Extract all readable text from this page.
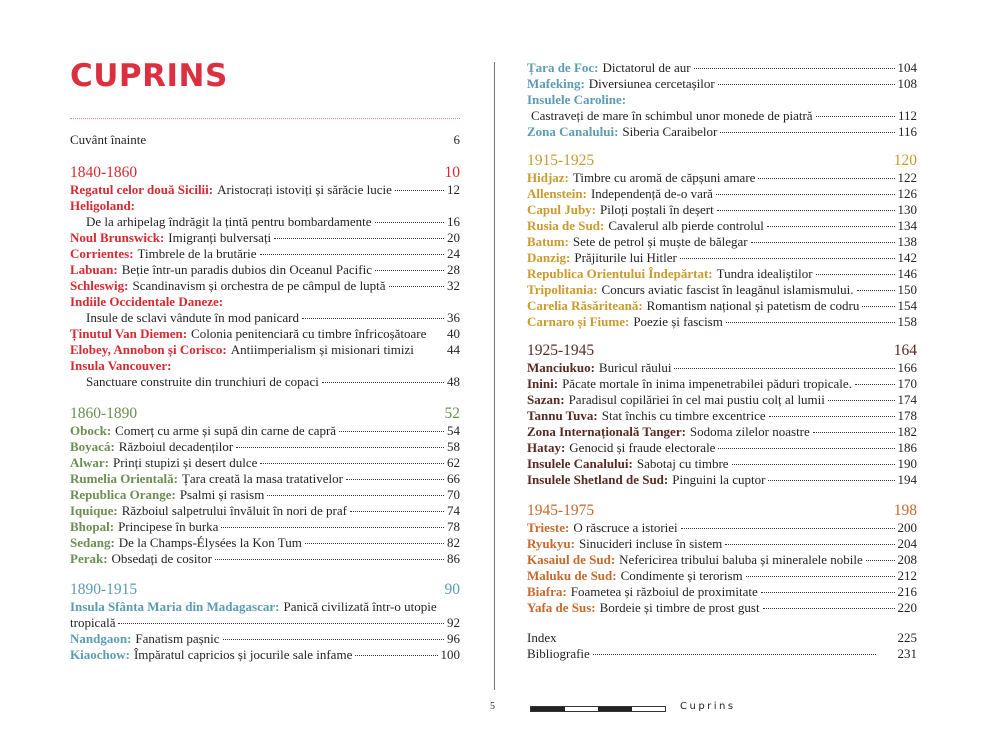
CUPRINS
Cuvânt înainte	6
1840-1860	10
Regatul celor două Sicilii: Aristocrați istoviți și sărăcie lucie	12
Heligoland:
De la arhipelag îndrăgit la țintă pentru bombardamente	16
Noul Brunswick: Imigranți bulversați	20
Corrientes: Timbrele de la brutărie	24
Labuan: Beție într-un paradis dubios din Oceanul Pacific	28
Schleswig: Scandinavism și orchestra de pe câmpul de luptă	32
Indiile Occidentale Daneze:
Insule de sclavi vândute în mod panicard	36
Ținutul Van Diemen: Colonia penitenciară cu timbre înfricoșătoare 40
Elobey, Annobon și Corisco: Antiimperialism și misionari timizi	44
Insula Vancouver:
Sanctuare construite din trunchiuri de copaci	48
1860-1890	52
Obock: Comerț cu arme și supă din carne de capră	54
Boyacá: Războiul decadenților	58
Alwar: Prinți stupizi și desert dulce	62
Rumelia Orientală: Țara creată la masa tratativelor	66
Republica Orange: Psalmi și rasism	70
Iquique: Războiul salpetrului învăluit în nori de praf	74
Bhopal: Principese în burka	78
Sedang: De la Champs-Élysées la Kon Tum	82
Perak: Obsedați de cositor	86
1890-1915	90
Insula Sfânta Maria din Madagascar: Panică civilizată într-o utopie
tropicală	92
Nandgaon: Fanatism pașnic	96
Kiaochow: Împăratul capricios și jocurile sale infame	100
Țara de Foc: Dictatorul de aur	104
Mafeking: Diversiunea cercetașilor	108
Insulele Caroline:
Castraveți de mare în schimbul unor monede de piatră	112
Zona Canalului: Siberia Caraibelor	116
1915-1925	120
Hidjaz: Timbre cu aromă de căpșuni amare	122
Allenstein: Independență de-o vară	126
Capul Juby: Piloți poștali în deșert	130
Rusia de Sud: Cavalerul alb pierde controlul	134
Batum: Sete de petrol și muște de bălegar	138
Danzig: Prăjiturile lui Hitler	142
Republica Orientului Îndepărtat: Tundra idealiștilor	146
Tripolitania: Concurs aviatic fascist în leagănul islamismului.	150
Carelia Răsăriteană: Romantism național și patetism de codru	154
Carnaro și Fiume: Poezie și fascism	158
1925-1945	164
Manciukuo: Buricul răului	166
Inini: Păcate mortale în inima impenetrabilei păduri tropicale.	170
Sazan: Paradisul copilăriei în cel mai pustiu colț al lumii	174
Tannu Tuva: Stat închis cu timbre excentrice	178
Zona Internațională Tanger: Sodoma zilelor noastre	182
Hatay: Genocid și fraude electorale	186
Insulele Canalului: Sabotaj cu timbre	190
Insulele Shetland de Sud: Pinguini la cuptor	194
1945-1975	198
Trieste: O răscruce a istoriei	200
Ryukyu: Sinucideri incluse în sistem	204
Kasaiul de Sud: Nefericirea tribului baluba și mineralele nobile	208
Maluku de Sud: Condimente și terorism	212
Biafra: Foametea și războiul de proximitate	216
Yafa de Sus: Bordeie și timbre de prost gust	220
Index	225
Bibliografie	231
5	Cuprins
